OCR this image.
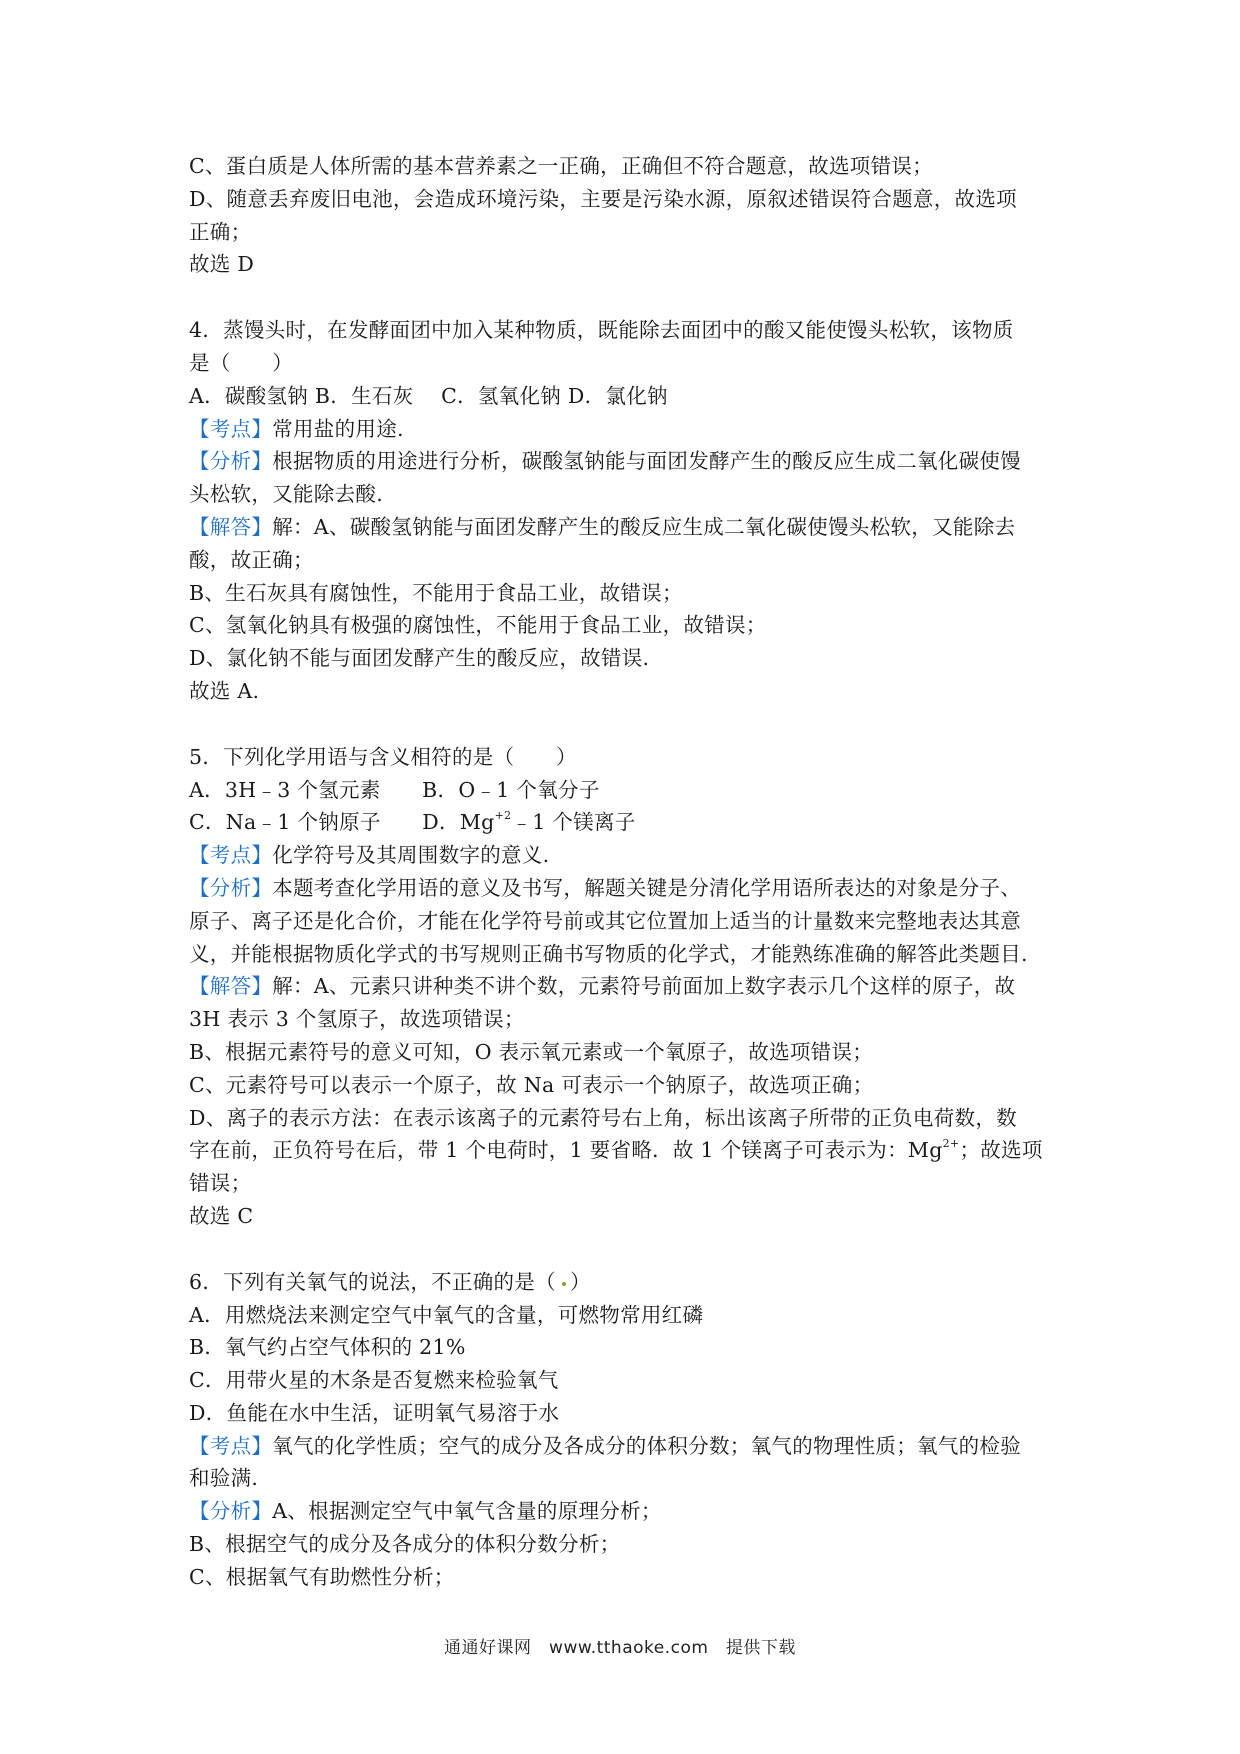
C、蛋白质是人体所需的基本营养素之一正确，正确但不符合题意，故选项错误；
D、随意丢弃废旧电池，会造成环境污染，主要是污染水源，原叙述错误符合题意，故选项
正确；
故选 D
4．蒸馒头时，在发酵面团中加入某种物质，既能除去面团中的酸又能使馒头松软，该物质
是（　　）
A．碳酸氢钠 B．生石灰　 C．氢氧化钠 D．氯化钠
【考点】常用盐的用途.
【分析】根据物质的用途进行分析，碳酸氢钠能与面团发酵产生的酸反应生成二氧化碳使馒
头松软，又能除去酸.
【解答】解：A、碳酸氢钠能与面团发酵产生的酸反应生成二氧化碳使馒头松软，又能除去
酸，故正确；
B、生石灰具有腐蚀性，不能用于食品工业，故错误；
C、氢氧化钠具有极强的腐蚀性，不能用于食品工业，故错误；
D、氯化钠不能与面团发酵产生的酸反应，故错误.
故选 A.
5．下列化学用语与含义相符的是（　　）
A．3H﹣3 个氢元素　　B．O﹣1 个氧分子
C．Na﹣1 个钠原子　　D．$Mg^{+2}﹣1$ 个镁离子
【考点】化学符号及其周围数字的意义.
【分析】本题考查化学用语的意义及书写，解题关键是分清化学用语所表达的对象是分子、
原子、离子还是化合价，才能在化学符号前或其它位置加上适当的计量数来完整地表达其意
义，并能根据物质化学式的书写规则正确书写物质的化学式，才能熟练准确的解答此类题目.
【解答】解：A、元素只讲种类不讲个数，元素符号前面加上数字表示几个这样的原子，故
3H 表示 3 个氢原子，故选项错误；
B、根据元素符号的意义可知，O 表示氧元素或一个氧原子，故选项错误；
C、元素符号可以表示一个原子，故 Na 可表示一个钠原子，故选项正确；
D、离子的表示方法：在表示该离子的元素符号右上角，标出该离子所带的正负电荷数，数
字在前，正负符号在后，带 1 个电荷时，1 要省略．故 1 个镁离子可表示为：$Mg^{2+}$；故选项
错误；
故选 C
6．下列有关氧气的说法，不正确的是（ ）
A．用燃烧法来测定空气中氧气的含量，可燃物常用红磷
B．氧气约占空气体积的 21%
C．用带火星的木条是否复燃来检验氧气
D．鱼能在水中生活，证明氧气易溶于水
【考点】氧气的化学性质；空气的成分及各成分的体积分数；氧气的物理性质；氧气的检验
和验满.
【分析】A、根据测定空气中氧气含量的原理分析；
B、根据空气的成分及各成分的体积分数分析；
C、根据氧气有助燃性分析；
通通好课网　www.tthaoke.com　提供下载
